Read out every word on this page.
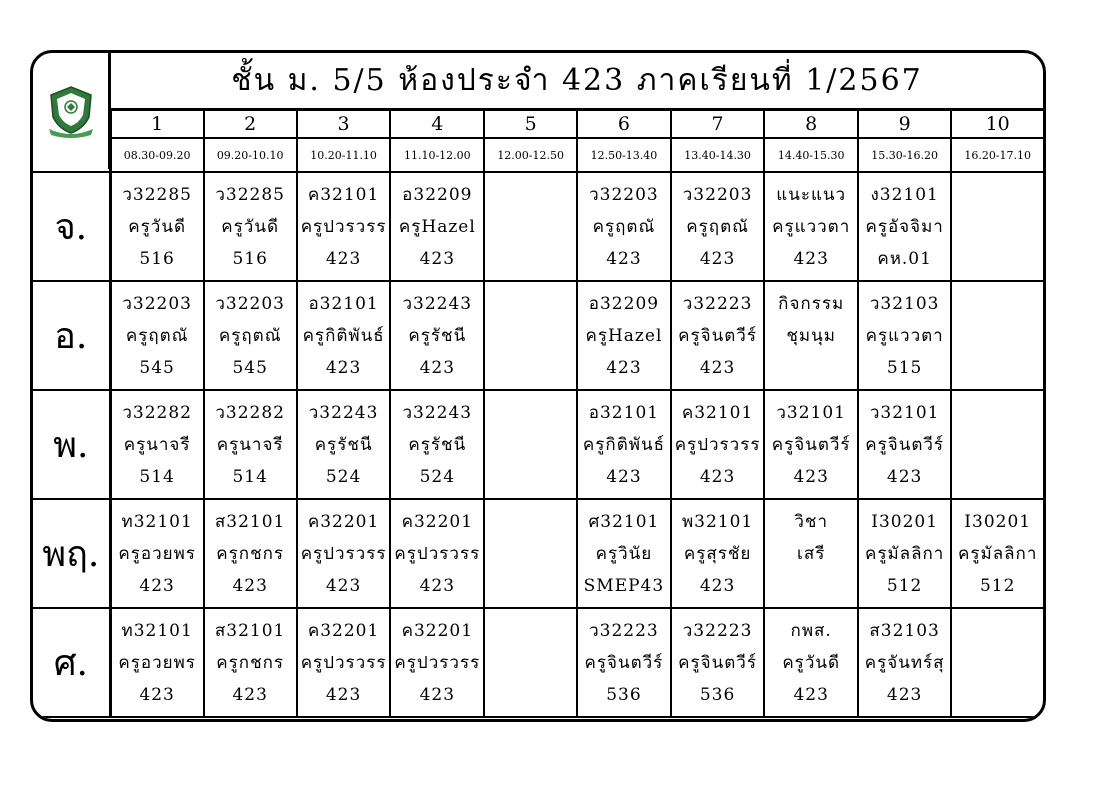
ชั้น ม. 5/5 ห้องประจำ 423 ภาคเรียนที่ 1/2567
	1	2	3	4	5	6	7	8	9	10
	08.30-09.20	09.20-10.10	10.20-11.10	11.10-12.00	12.00-12.50	12.50-13.40	13.40-14.30	14.40-15.30	15.30-16.20	16.20-17.10
จ.	ว32285
ครูวันดี
516	ว32285
ครูวันดี
516	ค32101
ครูปวรวรร
423	อ32209
ครูHazel
423		ว32203
ครูฤตณั
423	ว32203
ครูฤตณั
423	แนะแนว
ครูแววตา
423	ง32101
ครูอัจจิมา
คห.01	

อ.	ว32203
ครูฤตณั
545	ว32203
ครูฤตณั
545	อ32101
ครูกิติพันธ์
423	ว32243
ครูรัชนี
423		อ32209
ครูHazel
423	ว32223
ครูจินตวีร์
423	กิจกรรม
ชุมนุม	ว32103
ครูแววตา
515	

พ.	ว32282
ครูนาจรี
514	ว32282
ครูนาจรี
514	ว32243
ครูรัชนี
524	ว32243
ครูรัชนี
524		อ32101
ครูกิติพันธ์
423	ค32101
ครูปวรวรร
423	ว32101
ครูจินตวีร์
423	ว32101
ครูจินตวีร์
423	

พฤ.	ท32101
ครูอวยพร
423	ส32101
ครูกชกร
423	ค32201
ครูปวรวรร
423	ค32201
ครูปวรวรร
423		ศ32101
ครูวินัย
SMEP43	พ32101
ครูสุรชัย
423	วิชา
เสรี	I30201
ครูมัลลิกา
512	I30201
ครูมัลลิกา
512

ศ.	ท32101
ครูอวยพร
423	ส32101
ครูกชกร
423	ค32201
ครูปวรวรร
423	ค32201
ครูปวรวรร
423		ว32223
ครูจินตวีร์
536	ว32223
ครูจินตวีร์
536	กพส.
ครูวันดี
423	ส32103
ครูจันทร์สุ
423	
